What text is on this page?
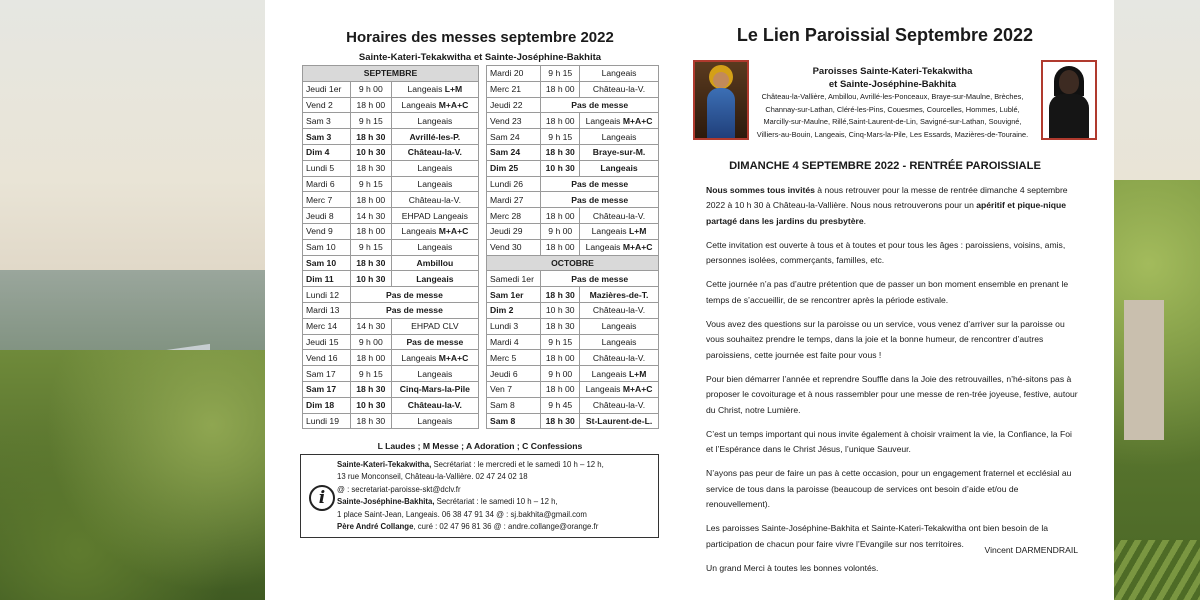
Horaires des messes septembre 2022
Sainte-Kateri-Tekakwitha et Sainte-Joséphine-Bakhita
SEPTEMBRE		
Jeudi 1er	9 h 00	Langeais L+M
Vend 2	18 h 00	Langeais M+A+C
Sam 3	9 h 15	Langeais
Sam 3	18 h 30	Avrillé-les-P.
Dim 4	10 h 30	Château-la-V.
Lundi 5	18 h 30	Langeais
Mardi 6	9 h 15	Langeais
Merc 7	18 h 00	Château-la-V.
Jeudi 8	14 h 30	EHPAD Langeais
Vend 9	18 h 00	Langeais M+A+C
Sam 10	9 h 15	Langeais
Sam 10	18 h 30	Ambillou
Dim 11	10 h 30	Langeais
Lundi 12	Pas de messe	
Mardi 13	Pas de messe	
Merc 14	14 h 30	EHPAD CLV
Jeudi 15	9 h 00	Pas de messe
Vend 16	18 h 00	Langeais M+A+C
Sam 17	9 h 15	Langeais
Sam 17	18 h 30	Cinq-Mars-la-Pile
Dim 18	10 h 30	Château-la-V.
Lundi 19	18 h 30	Langeais
Mardi 20	9 h 15	Langeais
Merc 21	18 h 00	Château-la-V.
Jeudi 22	Pas de messe	
Vend 23	18 h 00	Langeais M+A+C
Sam 24	9 h 15	Langeais
Sam 24	18 h 30	Braye-sur-M.
Dim 25	10 h 30	Langeais
Lundi 26	Pas de messe	
Mardi 27	Pas de messe	
Merc 28	18 h 00	Château-la-V.
Jeudi 29	9 h 00	Langeais L+M
Vend 30	18 h 00	Langeais M+A+C
OCTOBRE		
Samedi 1er	Pas de messe	
Sam 1er	18 h 30	Mazières-de-T.
Dim 2	10 h 30	Château-la-V.
Lundi 3	18 h 30	Langeais
Mardi 4	9 h 15	Langeais
Merc 5	18 h 00	Château-la-V.
Jeudi 6	9 h 00	Langeais L+M
Ven 7	18 h 00	Langeais M+A+C
Sam 8	9 h 45	Château-la-V.
Sam 8	18 h 30	St-Laurent-de-L.
L Laudes ; M Messe ; A Adoration ; C Confessions
i
Sainte-Kateri-Tekakwitha, Secrétariat : le mercredi et le samedi 10 h – 12 h,
13 rue Monconseil, Château-la-Vallière. 02 47 24 02 18
@ : secretariat-paroisse-skt@dclv.fr
Sainte-Joséphine-Bakhita, Secrétariat : le samedi 10 h – 12 h,
1 place Saint-Jean, Langeais. 06 38 47 91 34 @ : sj.bakhita@gmail.com
Père André Collange, curé : 02 47 96 81 36 @ : andre.collange@orange.fr
Le Lien Paroissial Septembre 2022
Paroisses Sainte-Kateri-Tekakwitha
et Sainte-Joséphine-Bakhita
Château-la-Vallière, Ambillou, Avrillé-les-Ponceaux, Braye-sur-Maulne, Brèches,
Channay-sur-Lathan, Cléré-les-Pins, Couesmes, Courcelles, Hommes, Lublé,
Marcilly-sur-Maulne, Rillé,Saint-Laurent-de-Lin, Savigné-sur-Lathan, Souvigné,
Villiers-au-Bouin, Langeais, Cinq-Mars-la-Pile, Les Essards, Mazières-de-Touraine.
DIMANCHE 4 SEPTEMBRE 2022 - RENTRÉE PAROISSIALE

Nous sommes tous invités à nous retrouver pour la messe de rentrée dimanche 4 septembre 2022 à 10 h 30 à Château-la-Vallière. Nous nous retrouverons pour un apéritif et pique-nique partagé dans les jardins du presbytère.

Cette invitation est ouverte à tous et à toutes et pour tous les âges : paroissiens, voisins, amis, personnes isolées, commerçants, familles, etc.

Cette journée n’a pas d’autre prétention que de passer un bon moment ensemble en prenant le temps de s’accueillir, de se rencontrer après la période estivale.

Vous avez des questions sur la paroisse ou un service, vous venez d’arriver sur la paroisse ou vous souhaitez prendre le temps, dans la joie et la bonne humeur, de rencontrer d’autres paroissiens, cette journée est faite pour vous !

Pour bien démarrer l’année et reprendre Souffle dans la Joie des retrouvailles, n’hé-sitons pas à proposer le covoiturage et à nous rassembler pour une messe de ren-trée joyeuse, festive, autour du Christ, notre Lumière.

C’est un temps important qui nous invite également à choisir vraiment la vie, la Confiance, la Foi et l’Espérance dans le Christ Jésus, l’unique Sauveur.

N’ayons pas peur de faire un pas à cette occasion, pour un engagement fraternel et ecclésial au service de tous dans la paroisse (beaucoup de services ont besoin d’aide et/ou de renouvellement).

Les paroisses Sainte-Joséphine-Bakhita et Sainte-Kateri-Tekakwitha ont bien besoin de la participation de chacun pour faire vivre l’Evangile sur nos territoires.

Un grand Merci à toutes les bonnes volontés.

Vincent DARMENDRAIL
